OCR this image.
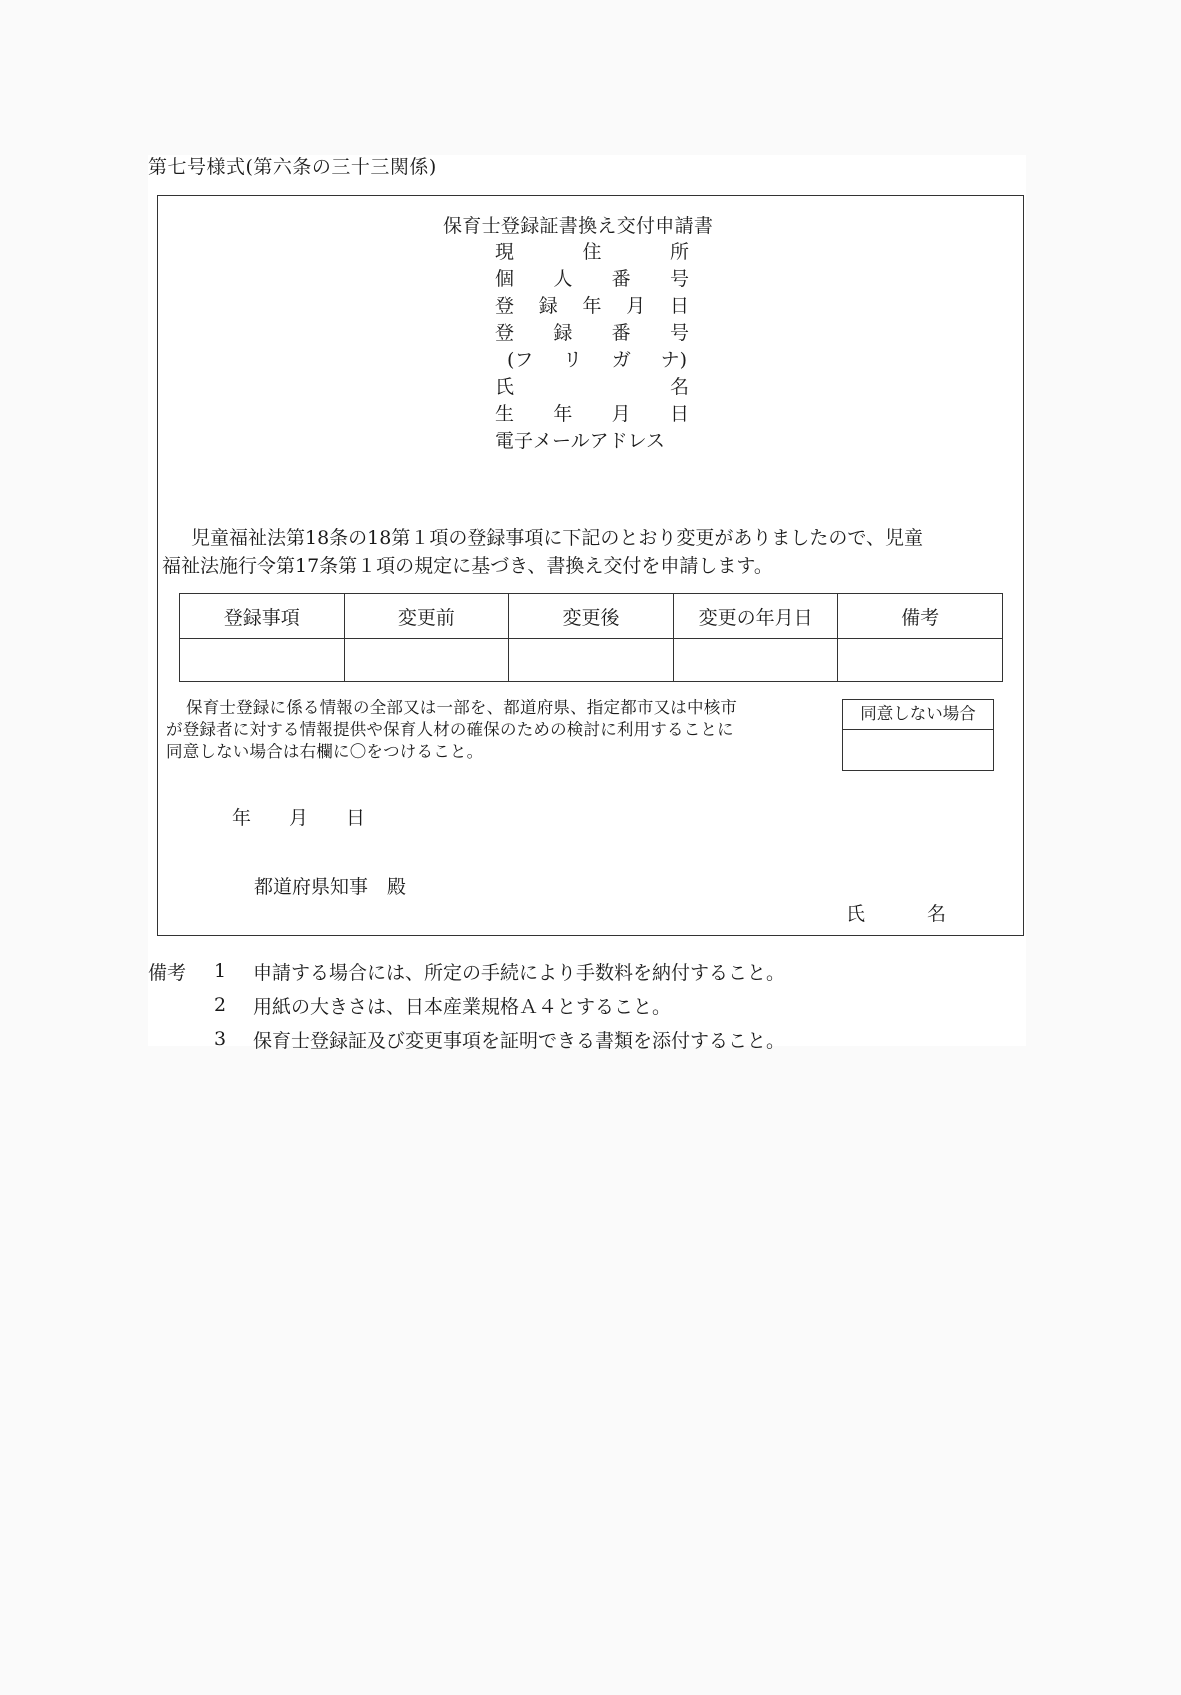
第七号様式(第六条の三十三関係)
保育士登録証書換え交付申請書
現	住	所
個 人 番 号
登 録 年 月 日
登 録 番 号
(フ リ ガ ナ)
氏	名
生 年 月 日
電子メールアドレス
児童福祉法第18条の18第１項の登録事項に下記のとおり変更がありましたので、児童
福祉法施行令第17条第１項の規定に基づき、書換え交付を申請します。
登録事項	変更前	変更後	変更の年月日	備考

保育士登録に係る情報の全部又は一部を、都道府県、指定都市又は中核市
が登録者に対する情報提供や保育人材の確保のための検討に利用することに
同意しない場合は右欄に〇をつけること。
同意しない場合
年 月 日
都道府県知事　殿
氏	名
備考	1	申請する場合には、所定の手続により手数料を納付すること。
2	用紙の大きさは、日本産業規格Ａ４とすること。
3	保育士登録証及び変更事項を証明できる書類を添付すること。
